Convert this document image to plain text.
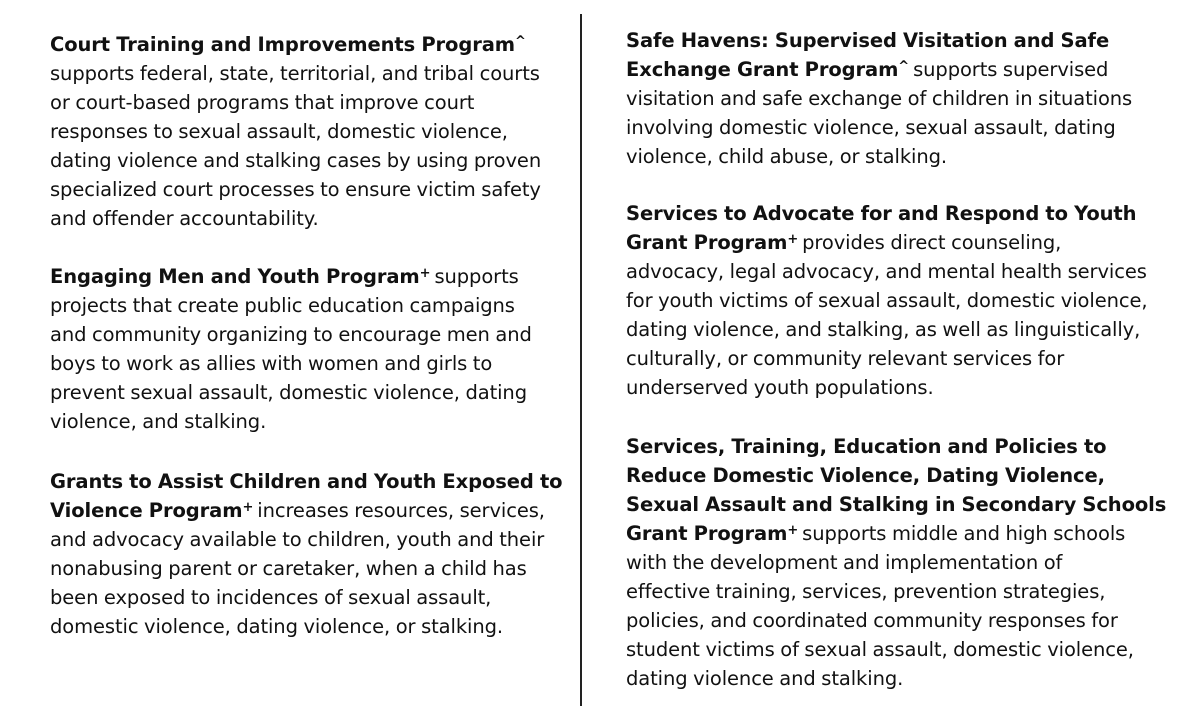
Court Training and Improvements Program^
supports federal, state, territorial, and tribal courts
or court-based programs that improve court
responses to sexual assault, domestic violence,
dating violence and stalking cases by using proven
specialized court processes to ensure victim safety
and offender accountability.
Engaging Men and Youth Program+ supports
projects that create public education campaigns
and community organizing to encourage men and
boys to work as allies with women and girls to
prevent sexual assault, domestic violence, dating
violence, and stalking.
Grants to Assist Children and Youth Exposed to
Violence Program+ increases resources, services,
and advocacy available to children, youth and their
nonabusing parent or caretaker, when a child has
been exposed to incidences of sexual assault,
domestic violence, dating violence, or stalking.
Safe Havens: Supervised Visitation and Safe
Exchange Grant Program^ supports supervised
visitation and safe exchange of children in situations
involving domestic violence, sexual assault, dating
violence, child abuse, or stalking.
Services to Advocate for and Respond to Youth
Grant Program+ provides direct counseling,
advocacy, legal advocacy, and mental health services
for youth victims of sexual assault, domestic violence,
dating violence, and stalking, as well as linguistically,
culturally, or community relevant services for
underserved youth populations.
Services, Training, Education and Policies to
Reduce Domestic Violence, Dating Violence,
Sexual Assault and Stalking in Secondary Schools
Grant Program+ supports middle and high schools
with the development and implementation of
effective training, services, prevention strategies,
policies, and coordinated community responses for
student victims of sexual assault, domestic violence,
dating violence and stalking.
